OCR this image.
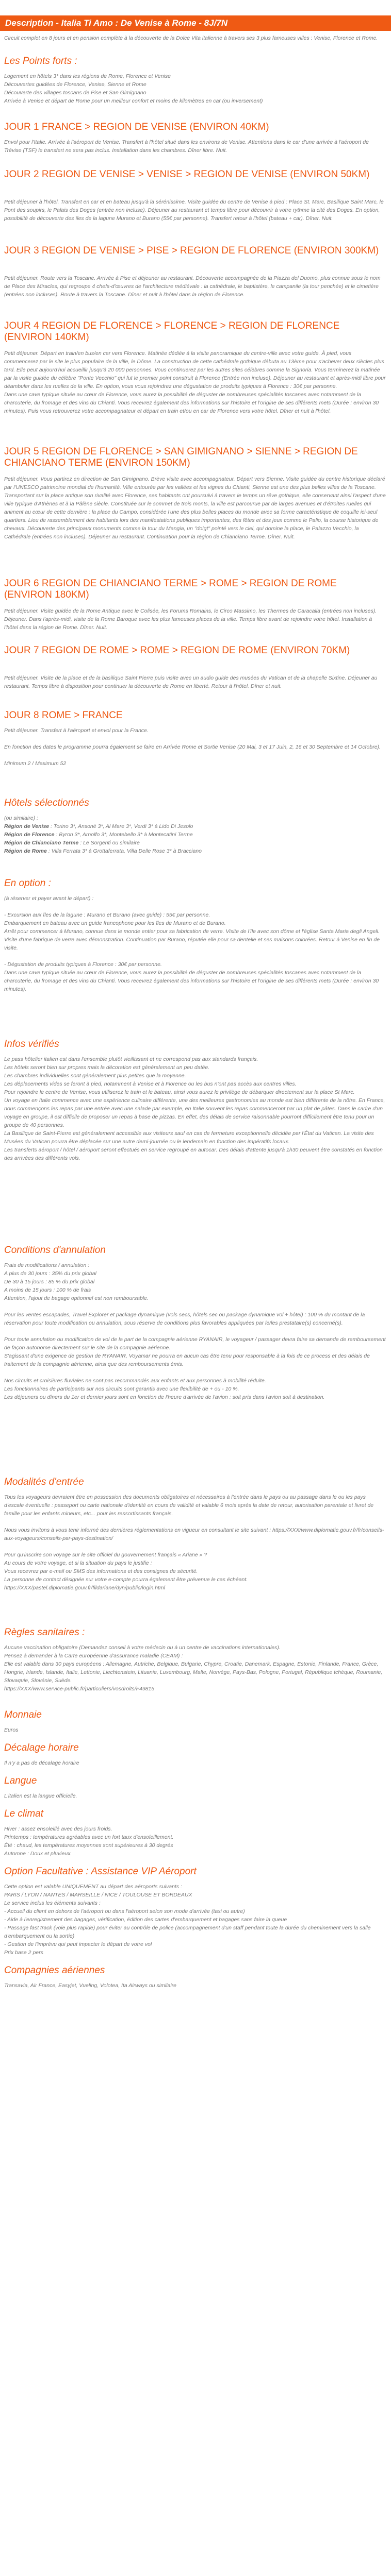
Description - Italia Ti Amo : De Venise à Rome - 8J/7N
Circuit complet en 8 jours et en pension complète à la découverte de la Dolce Vita italienne à travers ses 3 plus fameuses villes : Venise, Florence et Rome.
Les Points forts :
Logement en hôtels 3* dans les régions de Rome, Florence et Venise
Découvertes guidées de Florence, Venise, Sienne et Rome
Découverte des villages toscans de Pise et San Gimignano
Arrivée à Venise et départ de Rome pour un meilleur confort et moins de kilomètres en car (ou inversement)
JOUR 1 FRANCE > REGION DE VENISE (ENVIRON 40KM)
Envol pour l'Italie. Arrivée à l'aéroport de Venise. Transfert à l'hôtel situé dans les environs de Venise. Attentions dans le car d'une arrivée à l'aéroport de Trévise (TSF) le transfert ne sera pas inclus. Installation dans les chambres. Dîner libre. Nuit.
JOUR 2 REGION DE VENISE > VENISE > REGION DE VENISE (ENVIRON 50KM)
Petit déjeuner à l'hôtel. Transfert en car et en bateau jusqu'à la sérénissime. Visite guidée du centre de Venise à pied : Place St. Marc, Basilique Saint Marc, le Pont des soupirs, le Palais des Doges (entrée non incluse). Déjeuner au restaurant et temps libre pour découvrir à votre rythme la cité des Doges. En option, possibilité de découverte des îles de la lagune Murano et Burano (55€ par personne). Transfert retour à l'hôtel (bateau + car). Dîner. Nuit.
JOUR 3 REGION DE VENISE > PISE > REGION DE FLORENCE (ENVIRON 300KM)
Petit déjeuner. Route vers la Toscane. Arrivée à Pise et déjeuner au restaurant. Découverte accompagnée de la Piazza del Duomo, plus connue sous le nom de Place des Miracles, qui regroupe 4 chefs-d'œuvres de l'architecture médiévale : la cathédrale, le baptistère, le campanile (la tour penchée) et le cimetière (entrées non incluses). Route à travers la Toscane. Dîner et nuit à l'hôtel dans la région de Florence.
JOUR 4 REGION DE FLORENCE > FLORENCE > REGION DE FLORENCE (ENVIRON 140KM)
Petit déjeuner. Départ en train/en bus/en car vers Florence. Matinée dédiée à la visite panoramique du centre-ville avec votre guide. À pied, vous commencerez par le site le plus populaire de la ville, le Dôme. La construction de cette cathédrale gothique débuta au 13ème pour s'achever deux siècles plus tard. Elle peut aujourd'hui accueillir jusqu'à 20 000 personnes. Vous continuerez par les autres sites célèbres comme la Signoria. Vous terminerez la matinée par la visite guidée du célèbre "Ponte Vecchio" qui fut le premier point construit à Florence (Entrée non incluse). Déjeuner au restaurant et après-midi libre pour déambuler dans les ruelles de la ville. En option, vous vous rejoindrez une dégustation de produits typiques à Florence : 30€ par personne.
Dans une cave typique située au cœur de Florence, vous aurez la possibilité de déguster de nombreuses spécialités toscanes avec notamment de la charcuterie, du fromage et des vins du Chianti. Vous recevrez également des informations sur l'histoire et l'origine de ses différents mets (Durée : environ 30 minutes). Puis vous retrouverez votre accompagnateur et départ en train et/ou en car de Florence vers votre hôtel. Dîner et nuit à l'hôtel.
JOUR 5 REGION DE FLORENCE > SAN GIMIGNANO > SIENNE > REGION DE CHIANCIANO TERME (ENVIRON 150KM)
Petit déjeuner. Vous partirez en direction de San Gimignano. Brève visite avec accompagnateur. Départ vers Sienne. Visite guidée du centre historique déclaré par l'UNESCO patrimoine mondial de l'humanité. Ville entourée par les vallées et les vignes du Chianti, Sienne est une des plus belles villes de la Toscane. Transportant sur la place antique son rivalité avec Florence, ses habitants ont poursuivi à travers le temps un rêve gothique, elle conservant ainsi l'aspect d'une ville typique d'Athènes et à la Pâlène siècle. Constituée sur le sommet de trois monts, la ville est parcourue par de larges avenues et d'étroites ruelles qui animent au cœur de cette dernière : la place du Campo, considérée l'une des plus belles places du monde avec sa forme caractéristique de coquille ici-seul quartiers. Lieu de rassemblement des habitants lors des manifestations publiques importantes, des fêtes et des jeux comme le Palio, la course historique de chevaux. Découverte des principaux monuments comme la tour du Mangia, un "doigt" pointé vers le ciel, qui domine la place, le Palazzo Vecchio, la Cathédrale (entrées non incluses). Déjeuner au restaurant. Continuation pour la région de Chianciano Terme. Dîner. Nuit.
JOUR 6 REGION DE CHIANCIANO TERME > ROME > REGION DE ROME (ENVIRON 180KM)
Petit déjeuner. Visite guidée de la Rome Antique avec le Colisée, les Forums Romains, le Circo Massimo, les Thermes de Caracalla (entrées non incluses). Déjeuner. Dans l'après-midi, visite de la Rome Baroque avec les plus fameuses places de la ville. Temps libre avant de rejoindre votre hôtel. Installation à l'hôtel dans la région de Rome. Dîner. Nuit.
JOUR 7 REGION DE ROME > ROME > REGION DE ROME (ENVIRON 70KM)
Petit déjeuner. Visite de la place et de la basilique Saint Pierre puis visite avec un audio guide des musées du Vatican et de la chapelle Sixtine. Déjeuner au restaurant. Temps libre à disposition pour continuer la découverte de Rome en liberté. Retour à l'hôtel. Dîner et nuit.
JOUR 8 ROME > FRANCE
Petit déjeuner. Transfert à l'aéroport et envol pour la France.

En fonction des dates le programme pourra également se faire en Arrivée Rome et Sortie Venise (20 Mai, 3 et 17 Juin, 2, 16 et 30 Septembre et 14 Octobre).

Minimum 2 / Maximum 52
Hôtels sélectionnés
(ou similaire) :
Région de Venise : Torino 3*, Ansonè 3*, Al Mare 3*, Verdi 3* à Lido Di Jesolo
Région de Florence : Byron 3*, Arnolfo 3*, Montebello 3* à Montecatini Terme
Région de Chianciano Terme : Le Sorgenti ou similaire
Région de Rome : Villa Ferrata 3* à Grottaferrata, Villa Delle Rose 3* à Bracciano
En option :
(à réserver et payer avant le départ) :

- Excursion aux îles de la lagune : Murano et Burano (avec guide) : 55€ par personne.
Embarquement en bateau avec un guide francophone pour les îles de Murano et de Burano.
Arrêt pour commencer à Murano, connue dans le monde entier pour sa fabrication de verre. Visite de l'île avec son dôme et l'église Santa Maria degli Angeli. Visite d'une fabrique de verre avec démonstration. Continuation par Burano, réputée elle pour sa dentelle et ses maisons colorées. Retour à Venise en fin de visite.

- Dégustation de produits typiques à Florence : 30€ par personne.
Dans une cave typique située au cœur de Florence, vous aurez la possibilité de déguster de nombreuses spécialités toscanes avec notamment de la charcuterie, du fromage et des vins du Chianti. Vous recevrez également des informations sur l'histoire et l'origine de ses différents mets (Durée : environ 30 minutes).
Infos vérifiés
Le pass hôtelier italien est dans l'ensemble plutôt vieillissant et ne correspond pas aux standards français.
Les hôtels seront bien sur propres mais la décoration est généralement un peu datée.
Les chambres individuelles sont généralement plus petites que la moyenne.
Les déplacements vides se feront à pied, notamment à Venise et à Florence ou les bus n'ont pas accès aux centres villes.
Pour rejoindre le centre de Venise, vous utiliserez le train et le bateau, ainsi vous aurez le privilège de débarquer directement sur la place St Marc.
Un voyage en Italie commence avec une expérience culinaire différente, une des meilleures gastronomies au monde est bien différente de la nôtre. En France, nous commençons les repas par une entrée avec une salade par exemple, en Italie souvent les repas commenceront par un plat de pâtes. Dans le cadre d'un voyage en groupe, il est difficile de proposer un repas à base de pizzas. En effet, des délais de service raisonnable pourront difficilement être tenu pour un groupe de 40 personnes.
La Basilique de Saint-Pierre est généralement accessible aux visiteurs sauf en cas de fermeture exceptionnelle décidée par l'État du Vatican. La visite des Musées du Vatican pourra être déplacée sur une autre demi-journée ou le lendemain en fonction des impératifs locaux.
Les transferts aéroport / hôtel / aéroport seront effectués en service regroupé en autocar. Des délais d'attente jusqu'à 1h30 peuvent être constatés en fonction des arrivées des différents vols.
Conditions d'annulation
Frais de modifications / annulation :
A plus de 30 jours : 35% du prix global
De 30 à 15 jours : 85 % du prix global
A moins de 15 jours : 100 % de frais
Attention, l'ajout de bagage optionnel est non remboursable.

Pour les ventes escapades, Travel Explorer et package dynamique (vols secs, hôtels sec ou package dynamique vol + hôtel) : 100 % du montant de la réservation pour toute modification ou annulation, sous réserve de conditions plus favorables appliquées par le/les prestataire(s) concerné(s).

Pour toute annulation ou modification de vol de la part de la compagnie aérienne RYANAIR, le voyageur / passager devra faire sa demande de remboursement de façon autonome directement sur le site de la compagnie aérienne.
S'agissant d'une exigence de gestion de RYANAIR, Voyamar ne pourra en aucun cas être tenu pour responsable à la fois de ce process et des délais de traitement de la compagnie aérienne, ainsi que des remboursements émis.

Nos circuits et croisières fluviales ne sont pas recommandés aux enfants et aux personnes à mobilité réduite.
Les fonctionnaires de participants sur nos circuits sont garantis avec une flexibilité de + ou - 10 %.
Les déjeuners ou dîners du 1er et dernier jours sont en fonction de l'heure d'arrivée de l'avion : soit pris dans l'avion soit à destination.
Modalités d'entrée
Tous les voyageurs devraient être en possession des documents obligatoires et nécessaires à l'entrée dans le pays ou au passage dans le ou les pays d'escale éventuelle : passeport ou carte nationale d'identité en cours de validité et valable 6 mois après la date de retour, autorisation parentale et livret de famille pour les enfants mineurs, etc... pour les ressortissants français.

Nous vous invitons à vous tenir informé des dernières réglementations en vigueur en consultant le site suivant : https://XXX/www.diplomatie.gouv.fr/fr/conseils-aux-voyageurs/conseils-par-pays-destination/

Pour qu'inscrire son voyage sur le site officiel du gouvernement français « Ariane » ?
Au cours de votre voyage, et si la situation du pays le justifie :
Vous recevrez par e-mail ou SMS des informations et des consignes de sécurité.
La personne de contact désignée sur votre e-compte pourra également être prévenue le cas échéant.
https://XXX/pastel.diplomatie.gouv.fr/fildariane/dyn/public/login.html
Règles sanitaires :
Aucune vaccination obligatoire (Demandez conseil à votre médecin ou à un centre de vaccinations internationales).
Pensez à demander à la Carte européenne d'assurance maladie (CEAM) :
Elle est valable dans 30 pays européens : Allemagne, Autriche, Belgique, Bulgarie, Chypre, Croatie, Danemark, Espagne, Estonie, Finlande, France, Grèce, Hongrie, Irlande, Islande, Italie, Lettonie, Liechtenstein, Lituanie, Luxembourg, Malte, Norvège, Pays-Bas, Pologne, Portugal, République tchèque, Roumanie, Slovaquie, Slovénie, Suède.
https://XXX/www.service-public.fr/particuliers/vosdroits/F49815
Monnaie
Euros
Décalage horaire
Il n'y a pas de décalage horaire
Langue
L'italien est la langue officielle.
Le climat
Hiver : assez ensoleillé avec des jours froids.
Printemps : températures agréables avec un fort taux d'ensoleillement.
Été : chaud, les températures moyennes sont supérieures à 30 degrés
Automne : Doux et pluvieux.
Option Facultative : Assistance VIP Aéroport
Cette option est valable UNIQUEMENT au départ des aéroports suivants :
PARIS / LYON / NANTES / MARSEILLE / NICE / TOULOUSE ET BORDEAUX
Le service inclus les éléments suivants :
- Accueil du client en dehors de l'aéroport ou dans l'aéroport selon son mode d'arrivée (taxi ou autre)
- Aide à l'enregistrement des bagages, vérification, édition des cartes d'embarquement et bagages sans faire la queue
- Passage fast track (voie plus rapide) pour éviter au contrôle de police (accompagnement d'un staff pendant toute la durée du cheminement vers la salle d'embarquement ou la sortie)
- Gestion de l'imprévu qui peut impacter le départ de votre vol
Prix base 2 pers
Compagnies aériennes
Transavia, Air France, Easyjet, Vueling, Volotea, Ita Airways ou similaire
